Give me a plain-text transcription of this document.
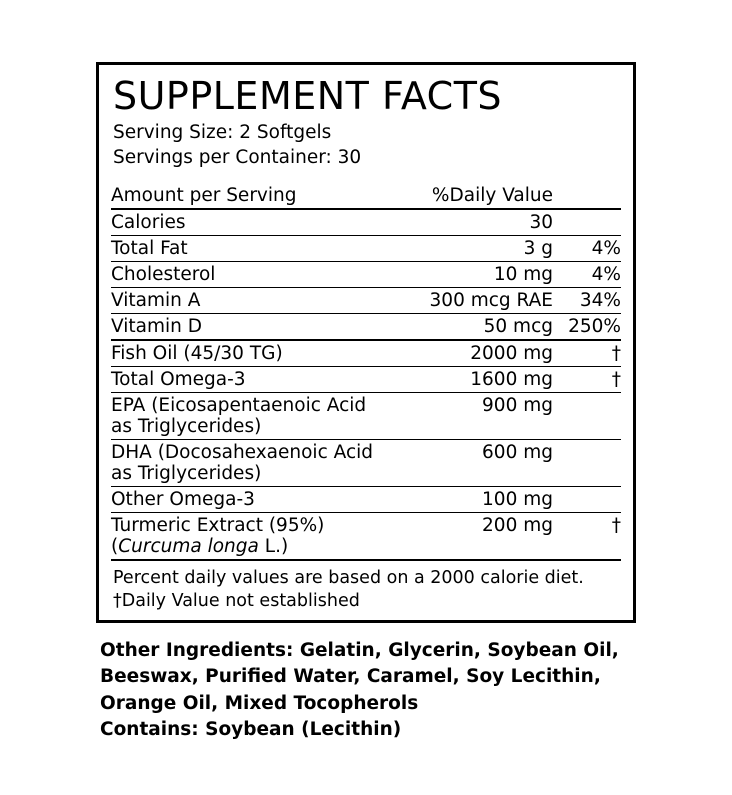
SUPPLEMENT FACTS
Serving Size: 2 Softgels
Servings per Container: 30
Amount per Serving	%Daily Value	
Calories	30	
Total Fat	3 g	4%
Cholesterol	10 mg	4%
Vitamin A	300 mcg RAE	34%
Vitamin D	50 mcg	250%
Fish Oil (45/30 TG)	2000 mg	†
Total Omega-3	1600 mg	†

EPA (Eicosapentaenoic Acid
as Triglycerides)	900 mg	

DHA (Docosahexaenoic Acid
as Triglycerides)	600 mg	
Other Omega-3	100 mg	

Turmeric Extract (95%)
(Curcuma longa L.)	200 mg	†
Percent daily values are based on a 2000 calorie diet.
†Daily Value not established
Other Ingredients: Gelatin, Glycerin, Soybean Oil,
Beeswax, Purified Water, Caramel, Soy Lecithin,
Orange Oil, Mixed Tocopherols
Contains: Soybean (Lecithin)
